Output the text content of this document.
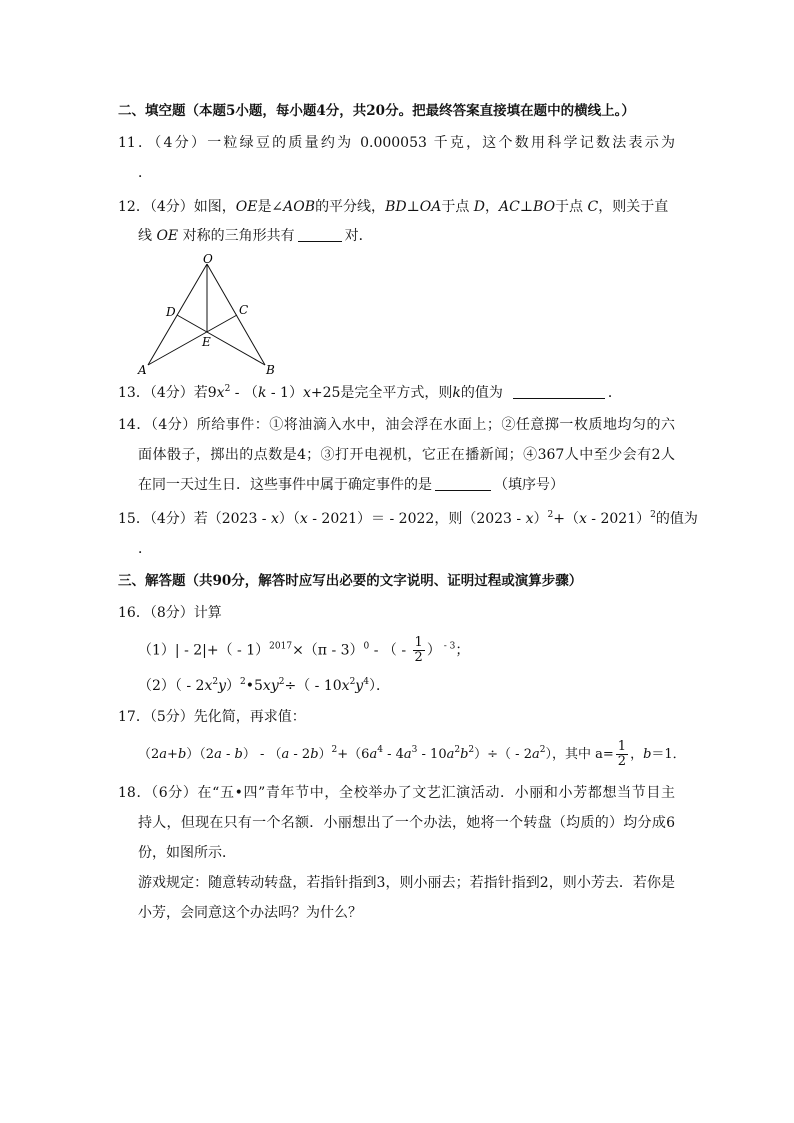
二、填空题（本题5小题，每小题4分，共20分。把最终答案直接填在题中的横线上。）
11．（4分）一粒绿豆的质量约为 0.000053 千克，这个数用科学记数法表示为
．
12．（4分）如图，OE是∠AOB的平分线，BD⊥OA于点 D，AC⊥BO于点 C，则关于直
线 OE 对称的三角形共有	对．
O
D	C
E
A	B
13．（4分）若$9x^2 - (k - 1)x+25$是完全平方式，则k的值为	．
14．（4分）所给事件：①将油滴入水中，油会浮在水面上；②任意掷一枚质地均匀的六
面体骰子，掷出的点数是4；③打开电视机，它正在播新闻；④367人中至少会有2人
在同一天过生日．这些事件中属于确定事件的是	（填序号）
15．（4分）若（2023 - x）（x - 2021）＝ - 2022，则（2023 - x）$^2$+（x - 2021）$^2$的值为
．
三、解答题（共90分，解答时应写出必要的文字说明、证明过程或演算步骤）
16．（8分）计算
（1）| - 2|+（ - 1）$^{2017}$×（π - 3）$^0$ - （ - $\frac{1}{2}$ ） $^{- 3}$；
$(2)( - 2x^2y)^2•5xy^2\div( - 10x^2y^4)$．
17．（5分）先化简，再求值：
$(2a+b)(2a - b) - (a - 2b)^2+(6a^4 - 4a^3 - 10a^2b^2)\div( - 2a^2)$，其中 $a= \frac{1}{2}$ ，b＝1．
18．（6分）在“五•四”青年节中，全校举办了文艺汇演活动．小丽和小芳都想当节目主
持人，但现在只有一个名额．小丽想出了一个办法，她将一个转盘（均质的）均分成6
份，如图所示．
游戏规定：随意转动转盘，若指针指到3，则小丽去；若指针指到2，则小芳去．若你是
小芳，会同意这个办法吗？为什么？
